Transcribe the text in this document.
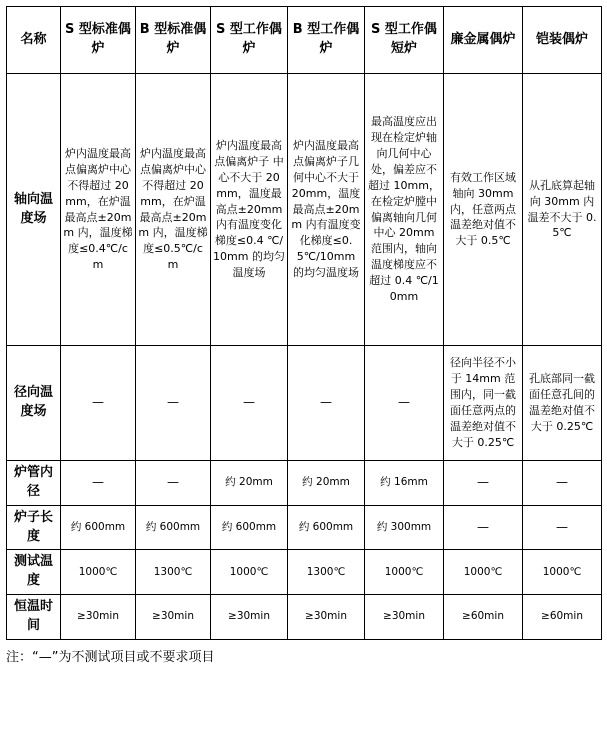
名称	S 型标准偶炉	B 型标准偶炉	S 型工作偶炉	B 型工作偶炉	S 型工作偶短炉	廉金属偶炉	铠装偶炉
轴向温度场	炉内温度最高点偏离炉中心不得超过 20mm，在炉温最高点±20mm 内，温度梯度≤0.4℃/cm	炉内温度最高点偏离炉中心不得超过 20mm，在炉温最高点±20mm 内，温度梯度≤0.5℃/cm	炉内温度最高点偏离炉子 中心不大于 20mm，温度最高点±20mm 内有温度变化梯度≤0.4 ℃/10mm 的均匀温度场	炉内温度最高点偏离炉子几何中心不大于 20mm，温度最高点±20mm 内有温度变化梯度≤0.5℃/10mm 的均匀温度场	最高温度应出现在检定炉轴向几何中心处，偏差应不超过 10mm，在检定炉膛中偏离轴向几何中心 20mm 范围内，轴向温度梯度应不超过 0.4 ℃/10mm	有效工作区域轴向 30mm 内，任意两点温差绝对值不大于 0.5℃	从孔底算起轴向 30mm 内温差不大于 0.5℃
径向温度场	—	—	—	—	—	径向半径不小于 14mm 范围内，同一截面任意两点的温差绝对值不大于 0.25℃	孔底部同一截面任意孔间的温差绝对值不大于 0.25℃
炉管内径	—	—	约 20mm	约 20mm	约 16mm	—	—
炉子长度	约 600mm	约 600mm	约 600mm	约 600mm	约 300mm	—	—
测试温度	1000℃	1300℃	1000℃	1300℃	1000℃	1000℃	1000℃
恒温时间	≥30min	≥30min	≥30min	≥30min	≥30min	≥60min	≥60min
注：“—”为不测试项目或不要求项目
